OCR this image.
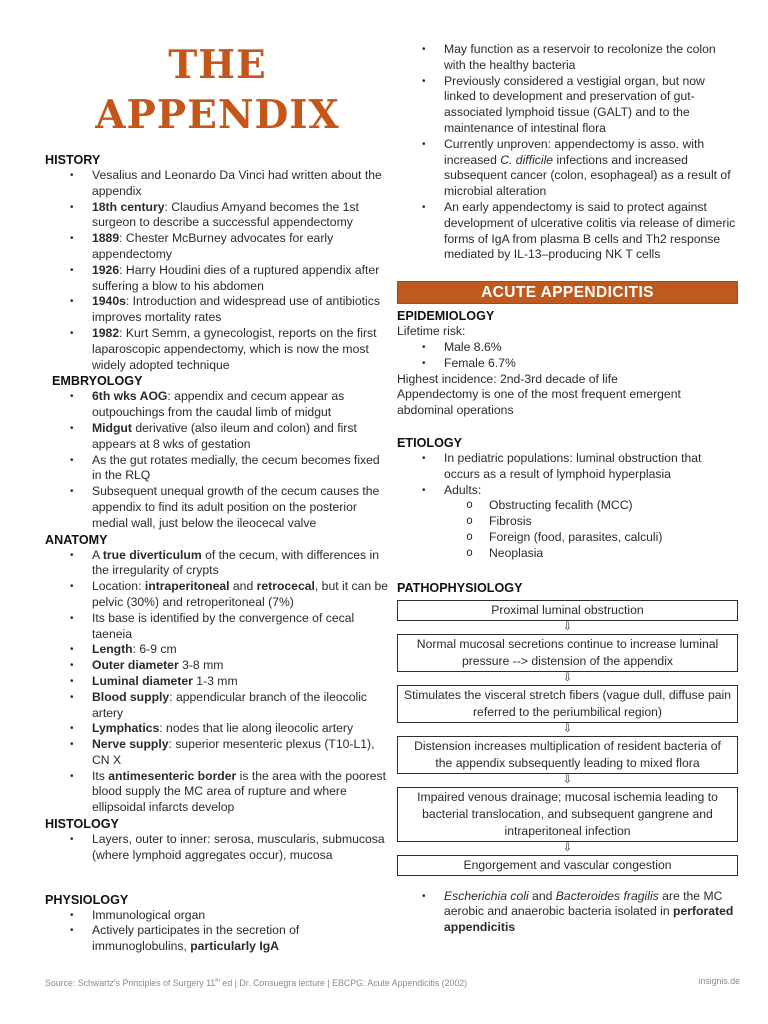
THE APPENDIX
HISTORY
• Vesalius and Leonardo Da Vinci had written about the appendix
• 18th century: Claudius Amyand becomes the 1st surgeon to describe a successful appendectomy
• 1889: Chester McBurney advocates for early appendectomy
• 1926: Harry Houdini dies of a ruptured appendix after suffering a blow to his abdomen
• 1940s: Introduction and widespread use of antibiotics improves mortality rates
• 1982: Kurt Semm, a gynecologist, reports on the first laparoscopic appendectomy, which is now the most widely adopted technique
EMBRYOLOGY
• 6th wks AOG: appendix and cecum appear as outpouchings from the caudal limb of midgut
• Midgut derivative (also ileum and colon) and first appears at 8 wks of gestation
• As the gut rotates medially, the cecum becomes fixed in the RLQ
• Subsequent unequal growth of the cecum causes the appendix to find its adult position on the posterior medial wall, just below the ileocecal valve
ANATOMY
• A true diverticulum of the cecum, with differences in the irregularity of crypts
• Location: intraperitoneal and retrocecal, but it can be pelvic (30%) and retroperitoneal (7%)
• Its base is identified by the convergence of cecal taeneia
• Length: 6-9 cm
• Outer diameter 3-8 mm
• Luminal diameter 1-3 mm
• Blood supply: appendicular branch of the ileocolic artery
• Lymphatics: nodes that lie along ileocolic artery
• Nerve supply: superior mesenteric plexus (T10-L1), CN X
• Its antimesenteric border is the area with the poorest blood supply the MC area of rupture and where ellipsoidal infarcts develop
HISTOLOGY
• Layers, outer to inner: serosa, muscularis, submucosa (where lymphoid aggregates occur), mucosa
PHYSIOLOGY
• Immunological organ
• Actively participates in the secretion of immunoglobulins, particularly IgA
• May function as a reservoir to recolonize the colon with the healthy bacteria
• Previously considered a vestigial organ, but now linked to development and preservation of gut-associated lymphoid tissue (GALT) and to the maintenance of intestinal flora
• Currently unproven: appendectomy is asso. with increased C. difficile infections and increased subsequent cancer (colon, esophageal) as a result of microbial alteration
• An early appendectomy is said to protect against development of ulcerative colitis via release of dimeric forms of IgA from plasma B cells and Th2 response mediated by IL-13–producing NK T cells
ACUTE APPENDICITIS
EPIDEMIOLOGY
Lifetime risk:
• Male 8.6%
• Female 6.7%
Highest incidence: 2nd-3rd decade of life
Appendectomy is one of the most frequent emergent abdominal operations
ETIOLOGY
• In pediatric populations: luminal obstruction that occurs as a result of lymphoid hyperplasia
• Adults:
o Obstructing fecalith (MCC)
o Fibrosis
o Foreign (food, parasites, calculi)
o Neoplasia
PATHOPHYSIOLOGY
Proximal luminal obstruction
⇩
Normal mucosal secretions continue to increase luminal pressure --> distension of the appendix
⇩
Stimulates the visceral stretch fibers (vague dull, diffuse pain referred to the periumbilical region)
⇩
Distension increases multiplication of resident bacteria of the appendix subsequently leading to mixed flora
⇩
Impaired venous drainage; mucosal ischemia leading to bacterial translocation, and subsequent gangrene and intraperitoneal infection
⇩
Engorgement and vascular congestion
• Escherichia coli and Bacteroides fragilis are the MC aerobic and anaerobic bacteria isolated in perforated appendicitis
Source: Schwartz's Principles of Surgery 11th ed | Dr. Consuegra lecture | EBCPG: Acute Appendicitis (2002)	insignis.de
